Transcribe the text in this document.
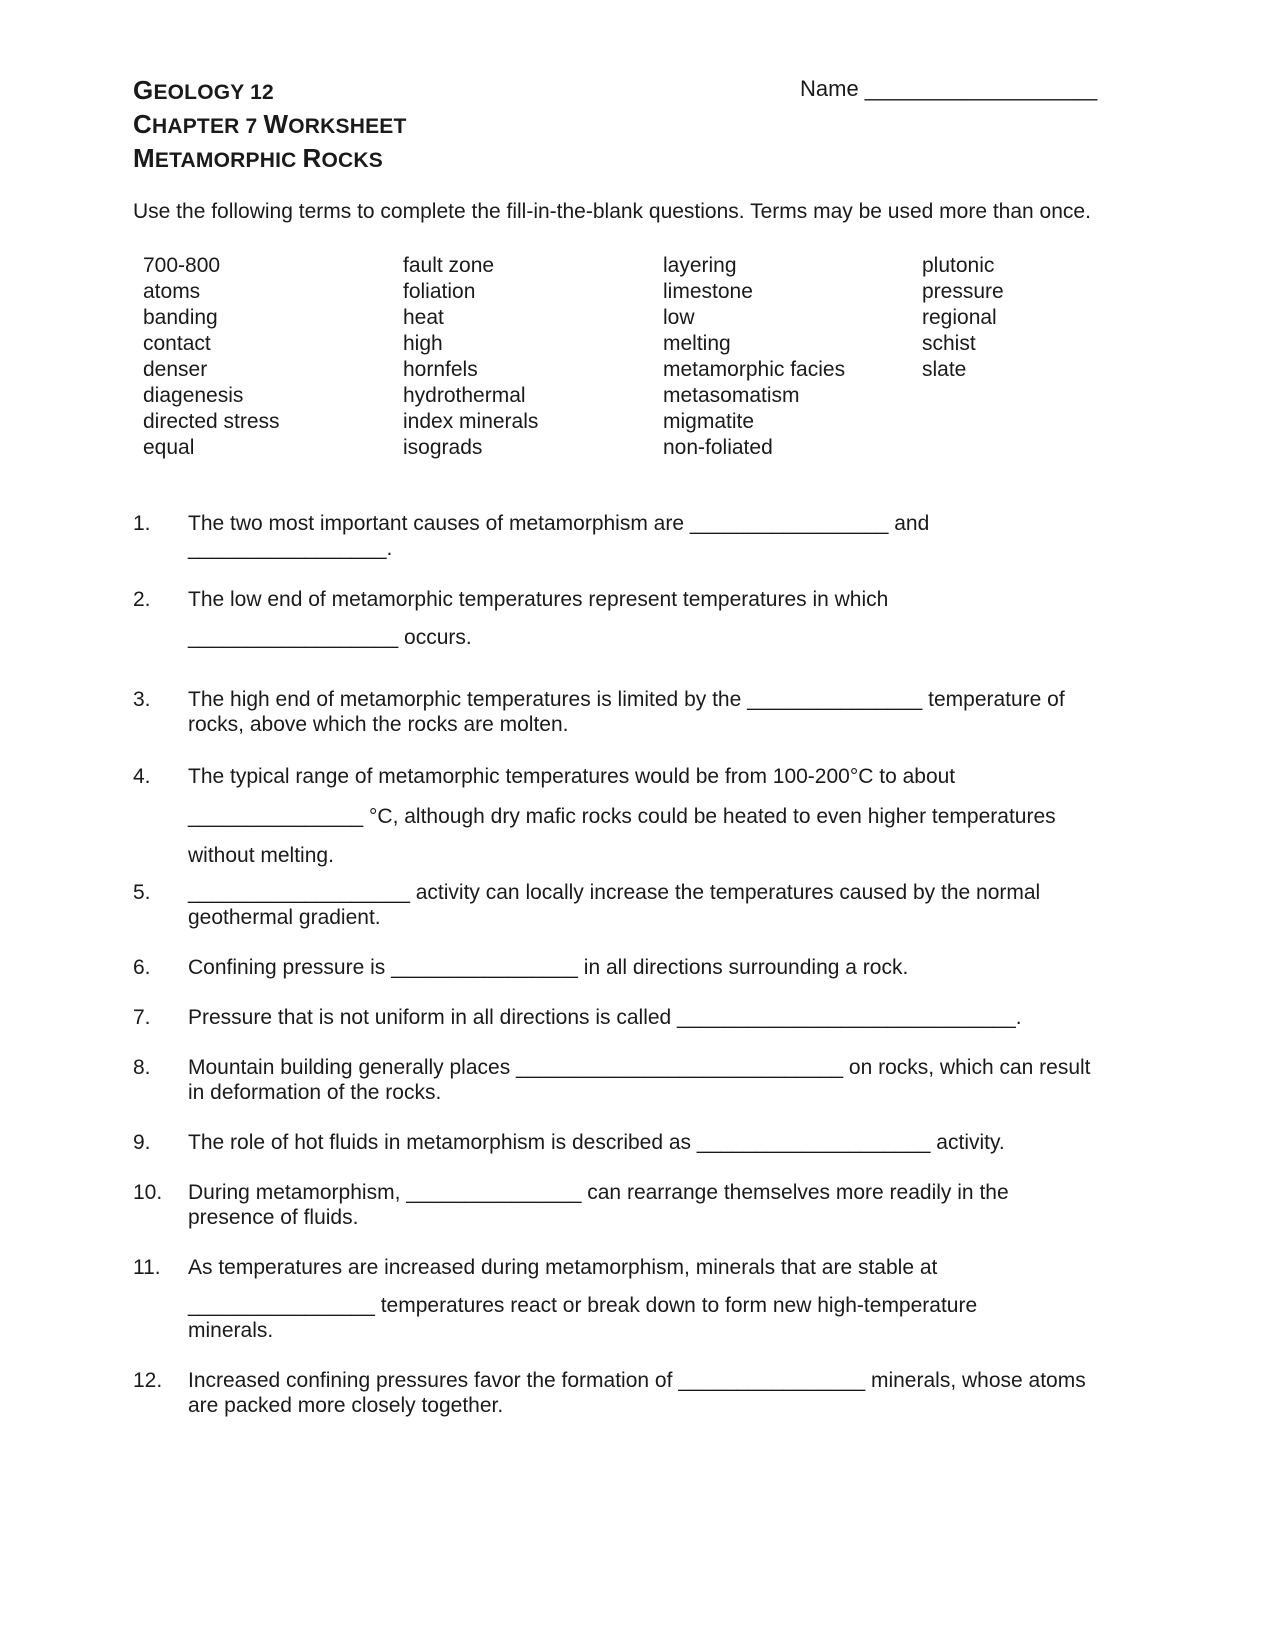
GEOLOGY 12
CHAPTER 7 WORKSHEET
METAMORPHIC ROCKS
Name ___________________
Use the following terms to complete the fill-in-the-blank questions. Terms may be used more than once.
700-800
atoms
banding
contact
denser
diagenesis
directed stress
equal
fault zone
foliation
heat
high
hornfels
hydrothermal
index minerals
isograds
layering
limestone
low
melting
metamorphic facies
metasomatism
migmatite
non-foliated
plutonic
pressure
regional
schist
slate
1. The two most important causes of metamorphism are _________________ and
_________________.
2. The low end of metamorphic temperatures represent temperatures in which
__________________ occurs.
3. The high end of metamorphic temperatures is limited by the _______________ temperature of
rocks, above which the rocks are molten.
4. The typical range of metamorphic temperatures would be from 100-200°C to about
_______________ °C, although dry mafic rocks could be heated to even higher temperatures
without melting.
5. ___________________ activity can locally increase the temperatures caused by the normal
geothermal gradient.
6. Confining pressure is ________________ in all directions surrounding a rock.
7. Pressure that is not uniform in all directions is called _____________________________.
8. Mountain building generally places ____________________________ on rocks, which can result
in deformation of the rocks.
9. The role of hot fluids in metamorphism is described as ____________________ activity.
10. During metamorphism, _______________ can rearrange themselves more readily in the
presence of fluids.
11. As temperatures are increased during metamorphism, minerals that are stable at
________________ temperatures react or break down to form new high-temperature
minerals.
12. Increased confining pressures favor the formation of ________________ minerals, whose atoms
are packed more closely together.
